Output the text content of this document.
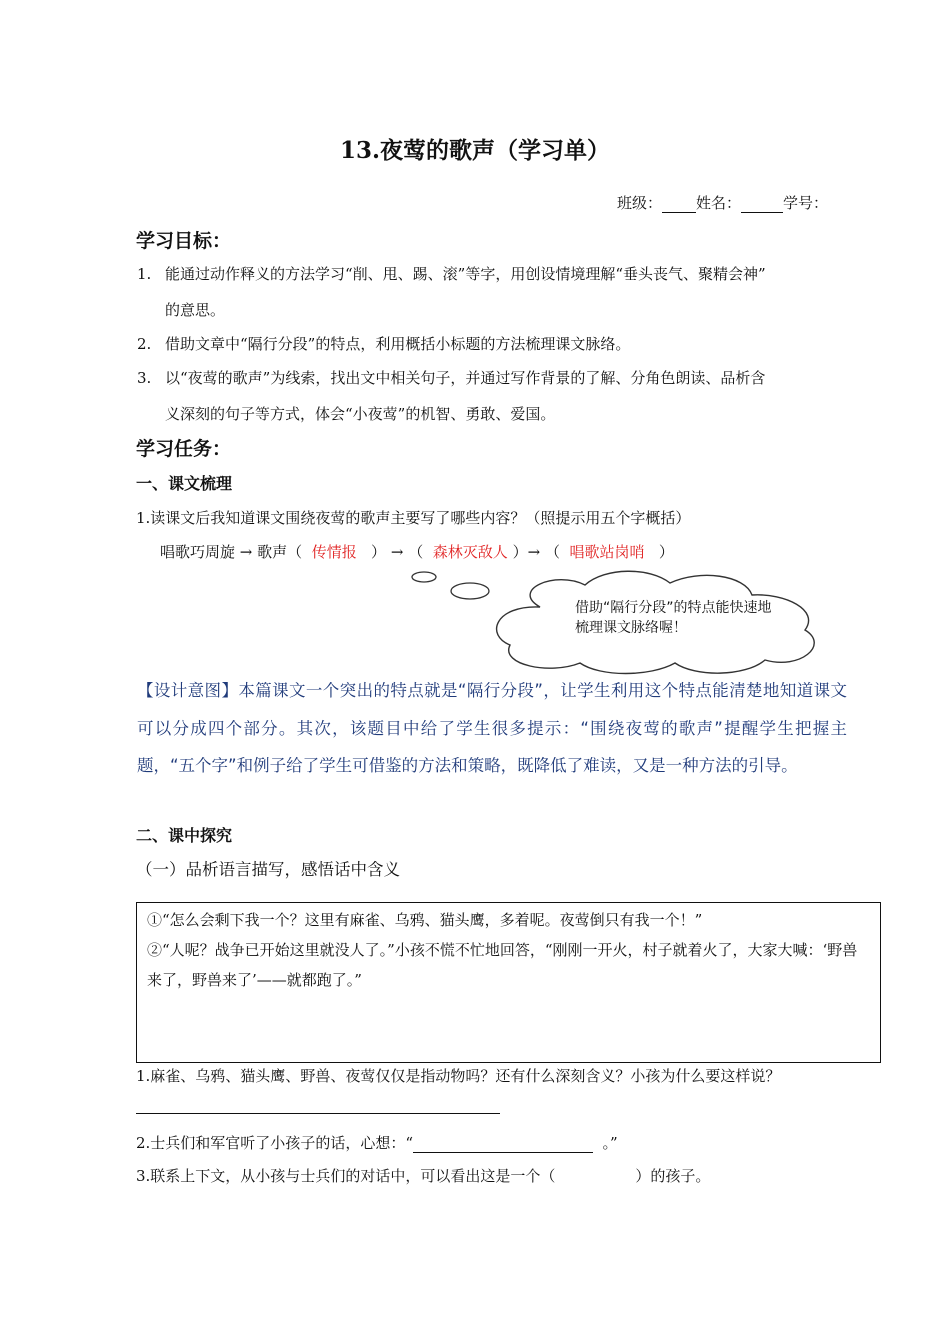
13.夜莺的歌声（学习单）
班级： 姓名：	学号：
学习目标：
1. 能通过动作释义的方法学习“削、甩、踢、滚”等字，用创设情境理解“垂头丧气、聚精会神”
的意思。
2. 借助文章中“隔行分段”的特点，利用概括小标题的方法梳理课文脉络。
3. 以“夜莺的歌声”为线索，找出文中相关句子，并通过写作背景的了解、分角色朗读、品析含
义深刻的句子等方式，体会“小夜莺”的机智、勇敢、爱国。
学习任务：
一、课文梳理
1.读课文后我知道课文围绕夜莺的歌声主要写了哪些内容？（照提示用五个字概括）
唱歌巧周旋 → 歌声（ 传情报 ） → （ 森林灭敌人 ）→ （ 唱歌站岗哨 ）
借助“隔行分段”的特点能快速地梳理课文脉络喔！
【设计意图】本篇课文一个突出的特点就是“隔行分段”，让学生利用这个特点能清楚地知道课文可以分成四个部分。其次，该题目中给了学生很多提示：“围绕夜莺的歌声”提醒学生把握主题，“五个字”和例子给了学生可借鉴的方法和策略，既降低了难读，又是一种方法的引导。
二、课中探究
（一）品析语言描写，感悟话中含义
①“怎么会剩下我一个？这里有麻雀、乌鸦、猫头鹰，多着呢。夜莺倒只有我一个！”
②“人呢？战争已开始这里就没人了。”小孩不慌不忙地回答，“刚刚一开火，村子就着火了，大家大喊：‘野兽来了，野兽来了’——就都跑了。”
1.麻雀、乌鸦、猫头鹰、野兽、夜莺仅仅是指动物吗？还有什么深刻含义？小孩为什么要这样说？
2.士兵们和军官听了小孩子的话，心想：“	。”
3.联系上下文，从小孩与士兵们的对话中，可以看出这是一个（	）的孩子。
